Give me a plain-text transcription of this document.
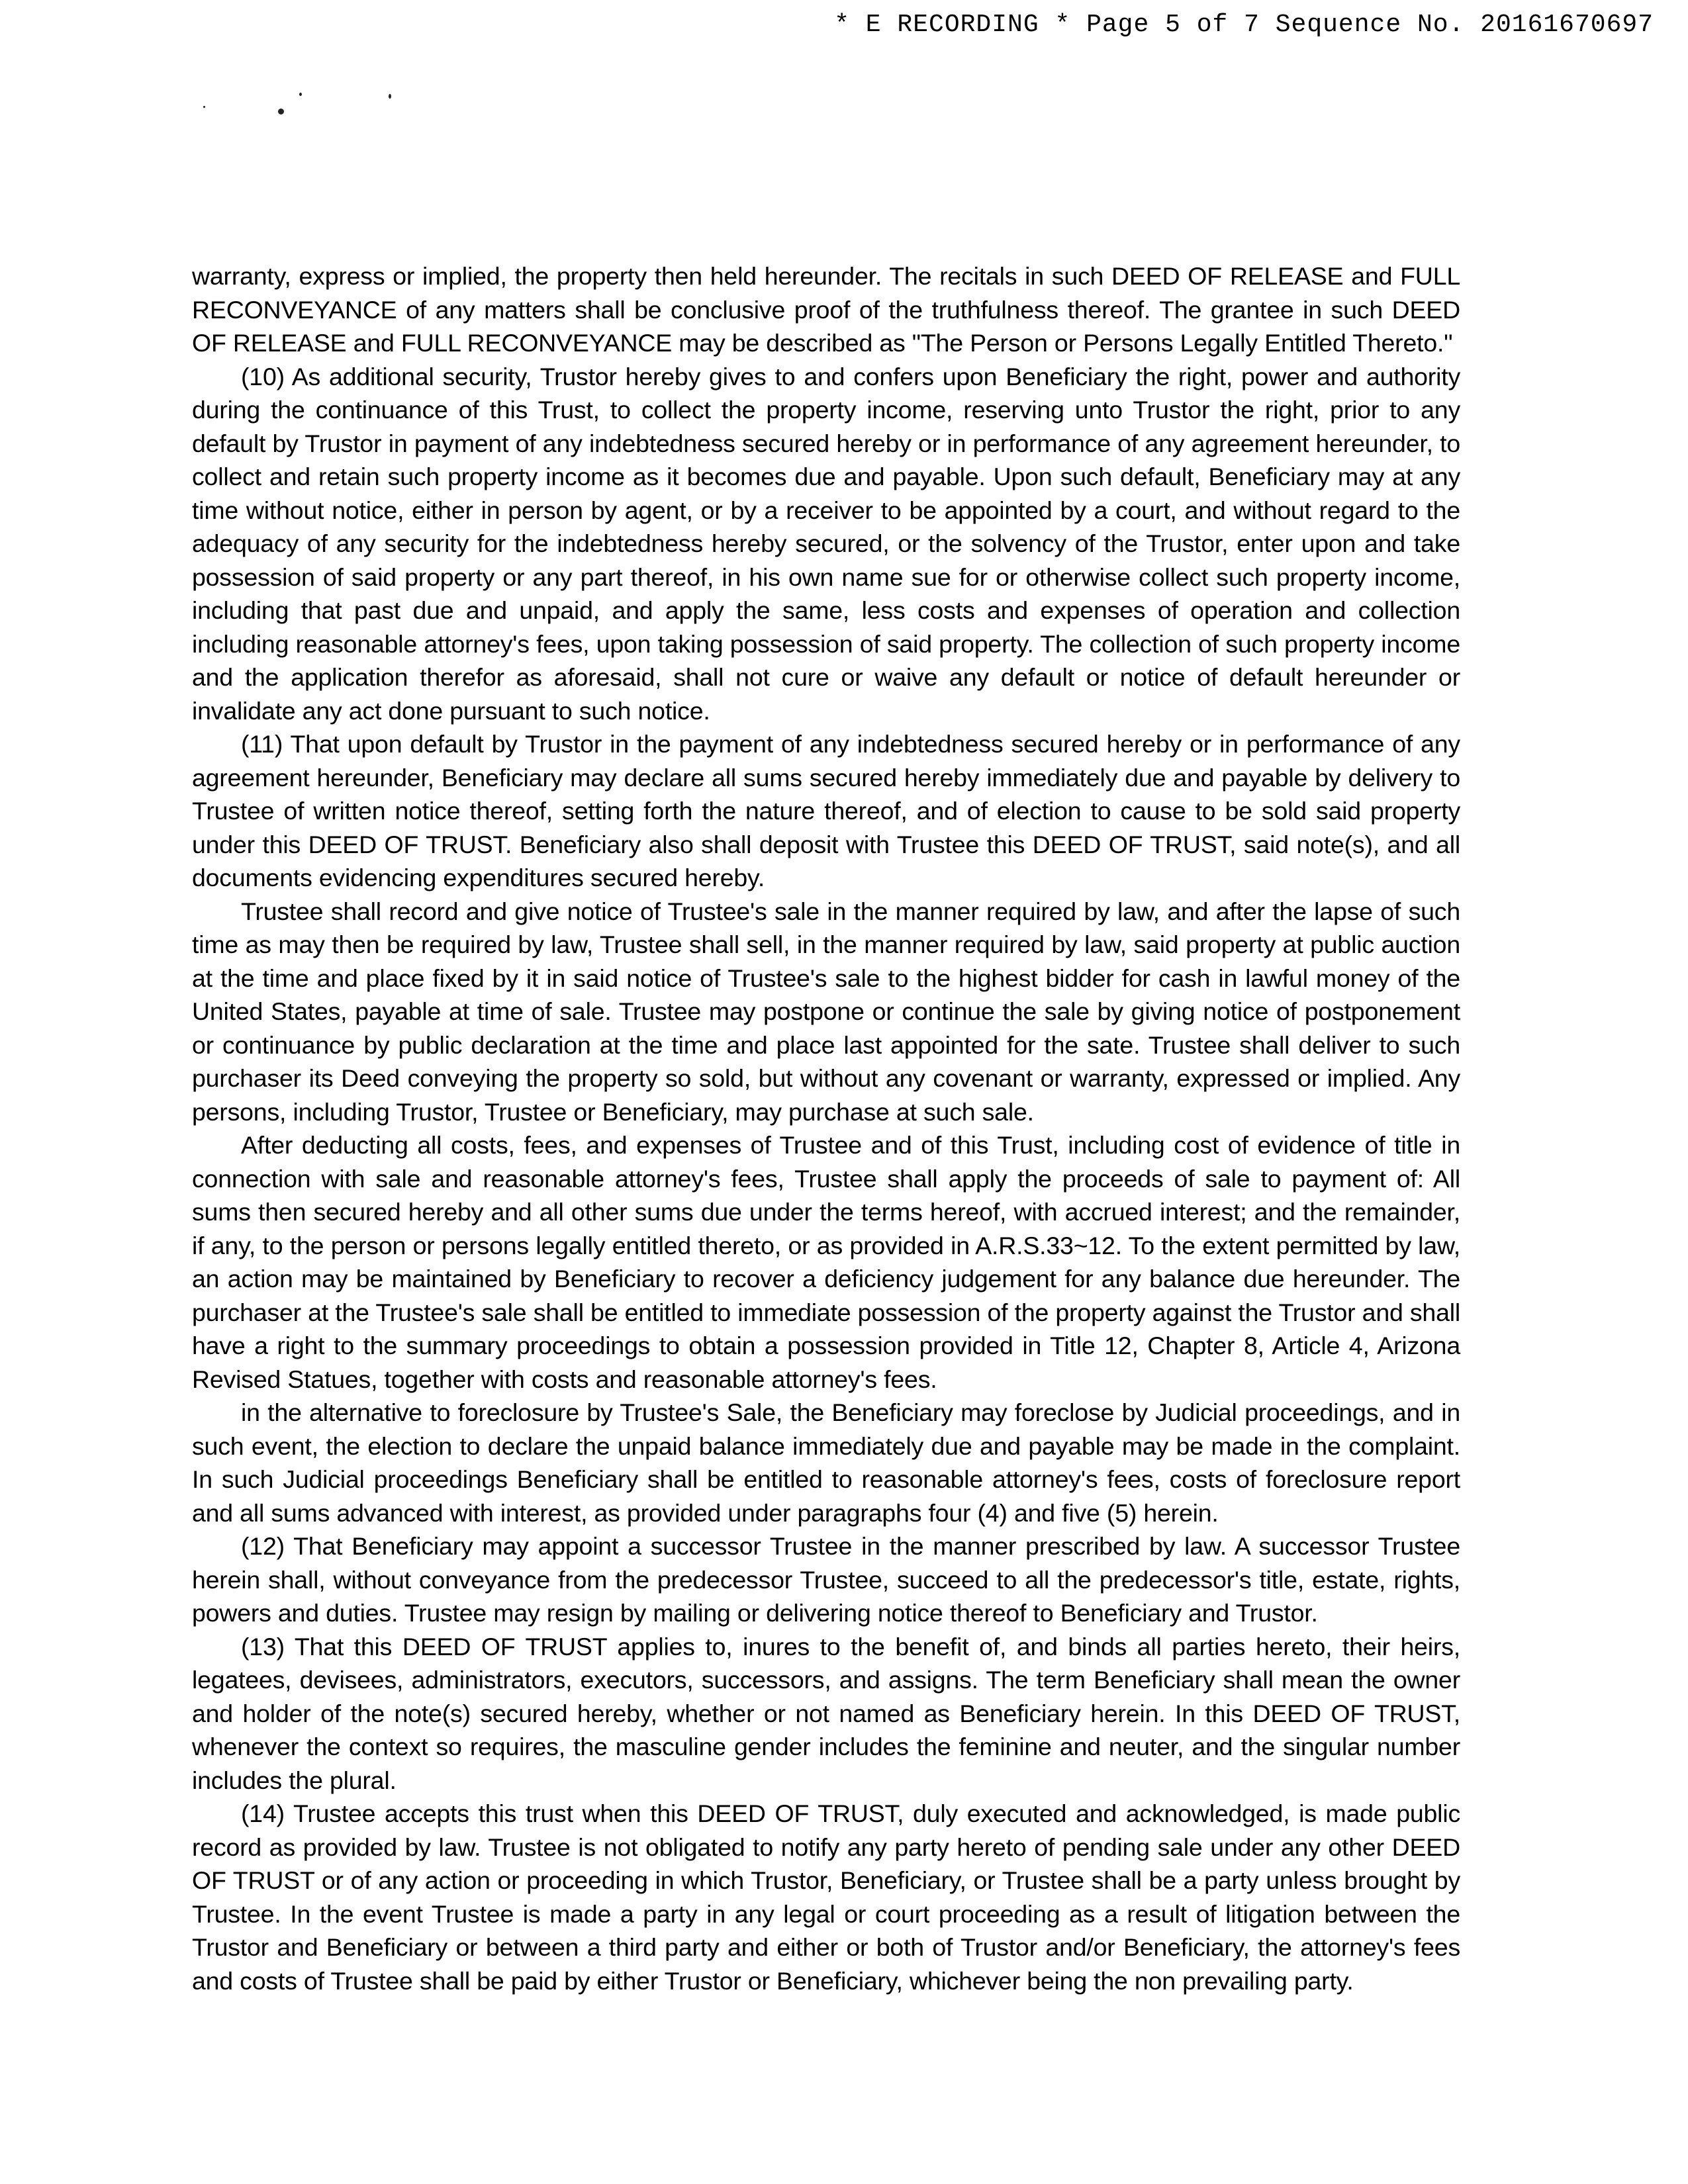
* E RECORDING * Page 5 of 7 Sequence No. 20161670697

warranty, express or implied, the property then held hereunder. The recitals in such DEED OF RELEASE and FULL RECONVEYANCE of any matters shall be conclusive proof of the truthfulness thereof. The grantee in such DEED OF RELEASE and FULL RECONVEYANCE may be described as "The Person or Persons Legally Entitled Thereto."

(10) As additional security, Trustor hereby gives to and confers upon Beneficiary the right, power and authority during the continuance of this Trust, to collect the property income, reserving unto Trustor the right, prior to any default by Trustor in payment of any indebtedness secured hereby or in performance of any agreement hereunder, to collect and retain such property income as it becomes due and payable. Upon such default, Beneficiary may at any time without notice, either in person by agent, or by a receiver to be appointed by a court, and without regard to the adequacy of any security for the indebtedness hereby secured, or the solvency of the Trustor, enter upon and take possession of said property or any part thereof, in his own name sue for or otherwise collect such property income, including that past due and unpaid, and apply the same, less costs and expenses of operation and collection including reasonable attorney's fees, upon taking possession of said property. The collection of such property income and the application therefor as aforesaid, shall not cure or waive any default or notice of default hereunder or invalidate any act done pursuant to such notice.

(11) That upon default by Trustor in the payment of any indebtedness secured hereby or in performance of any agreement hereunder, Beneficiary may declare all sums secured hereby immediately due and payable by delivery to Trustee of written notice thereof, setting forth the nature thereof, and of election to cause to be sold said property under this DEED OF TRUST. Beneficiary also shall deposit with Trustee this DEED OF TRUST, said note(s), and all documents evidencing expenditures secured hereby.

Trustee shall record and give notice of Trustee's sale in the manner required by law, and after the lapse of such time as may then be required by law, Trustee shall sell, in the manner required by law, said property at public auction at the time and place fixed by it in said notice of Trustee's sale to the highest bidder for cash in lawful money of the United States, payable at time of sale. Trustee may postpone or continue the sale by giving notice of postponement or continuance by public declaration at the time and place last appointed for the sate. Trustee shall deliver to such purchaser its Deed conveying the property so sold, but without any covenant or warranty, expressed or implied. Any persons, including Trustor, Trustee or Beneficiary, may purchase at such sale.

After deducting all costs, fees, and expenses of Trustee and of this Trust, including cost of evidence of title in connection with sale and reasonable attorney's fees, Trustee shall apply the proceeds of sale to payment of: All sums then secured hereby and all other sums due under the terms hereof, with accrued interest; and the remainder, if any, to the person or persons legally entitled thereto, or as provided in A.R.S.33~12. To the extent permitted by law, an action may be maintained by Beneficiary to recover a deficiency judgement for any balance due hereunder. The purchaser at the Trustee's sale shall be entitled to immediate possession of the property against the Trustor and shall have a right to the summary proceedings to obtain a possession provided in Title 12, Chapter 8, Article 4, Arizona Revised Statues, together with costs and reasonable attorney's fees.

in the alternative to foreclosure by Trustee's Sale, the Beneficiary may foreclose by Judicial proceedings, and in such event, the election to declare the unpaid balance immediately due and payable may be made in the complaint. In such Judicial proceedings Beneficiary shall be entitled to reasonable attorney's fees, costs of foreclosure report and all sums advanced with interest, as provided under paragraphs four (4) and five (5) herein.

(12) That Beneficiary may appoint a successor Trustee in the manner prescribed by law. A successor Trustee herein shall, without conveyance from the predecessor Trustee, succeed to all the predecessor's title, estate, rights, powers and duties. Trustee may resign by mailing or delivering notice thereof to Beneficiary and Trustor.

(13) That this DEED OF TRUST applies to, inures to the benefit of, and binds all parties hereto, their heirs, legatees, devisees, administrators, executors, successors, and assigns. The term Beneficiary shall mean the owner and holder of the note(s) secured hereby, whether or not named as Beneficiary herein. In this DEED OF TRUST, whenever the context so requires, the masculine gender includes the feminine and neuter, and the singular number includes the plural.

(14) Trustee accepts this trust when this DEED OF TRUST, duly executed and acknowledged, is made public record as provided by law. Trustee is not obligated to notify any party hereto of pending sale under any other DEED OF TRUST or of any action or proceeding in which Trustor, Beneficiary, or Trustee shall be a party unless brought by Trustee. In the event Trustee is made a party in any legal or court proceeding as a result of litigation between the Trustor and Beneficiary or between a third party and either or both of Trustor and/or Beneficiary, the attorney's fees and costs of Trustee shall be paid by either Trustor or Beneficiary, whichever being the non prevailing party.
